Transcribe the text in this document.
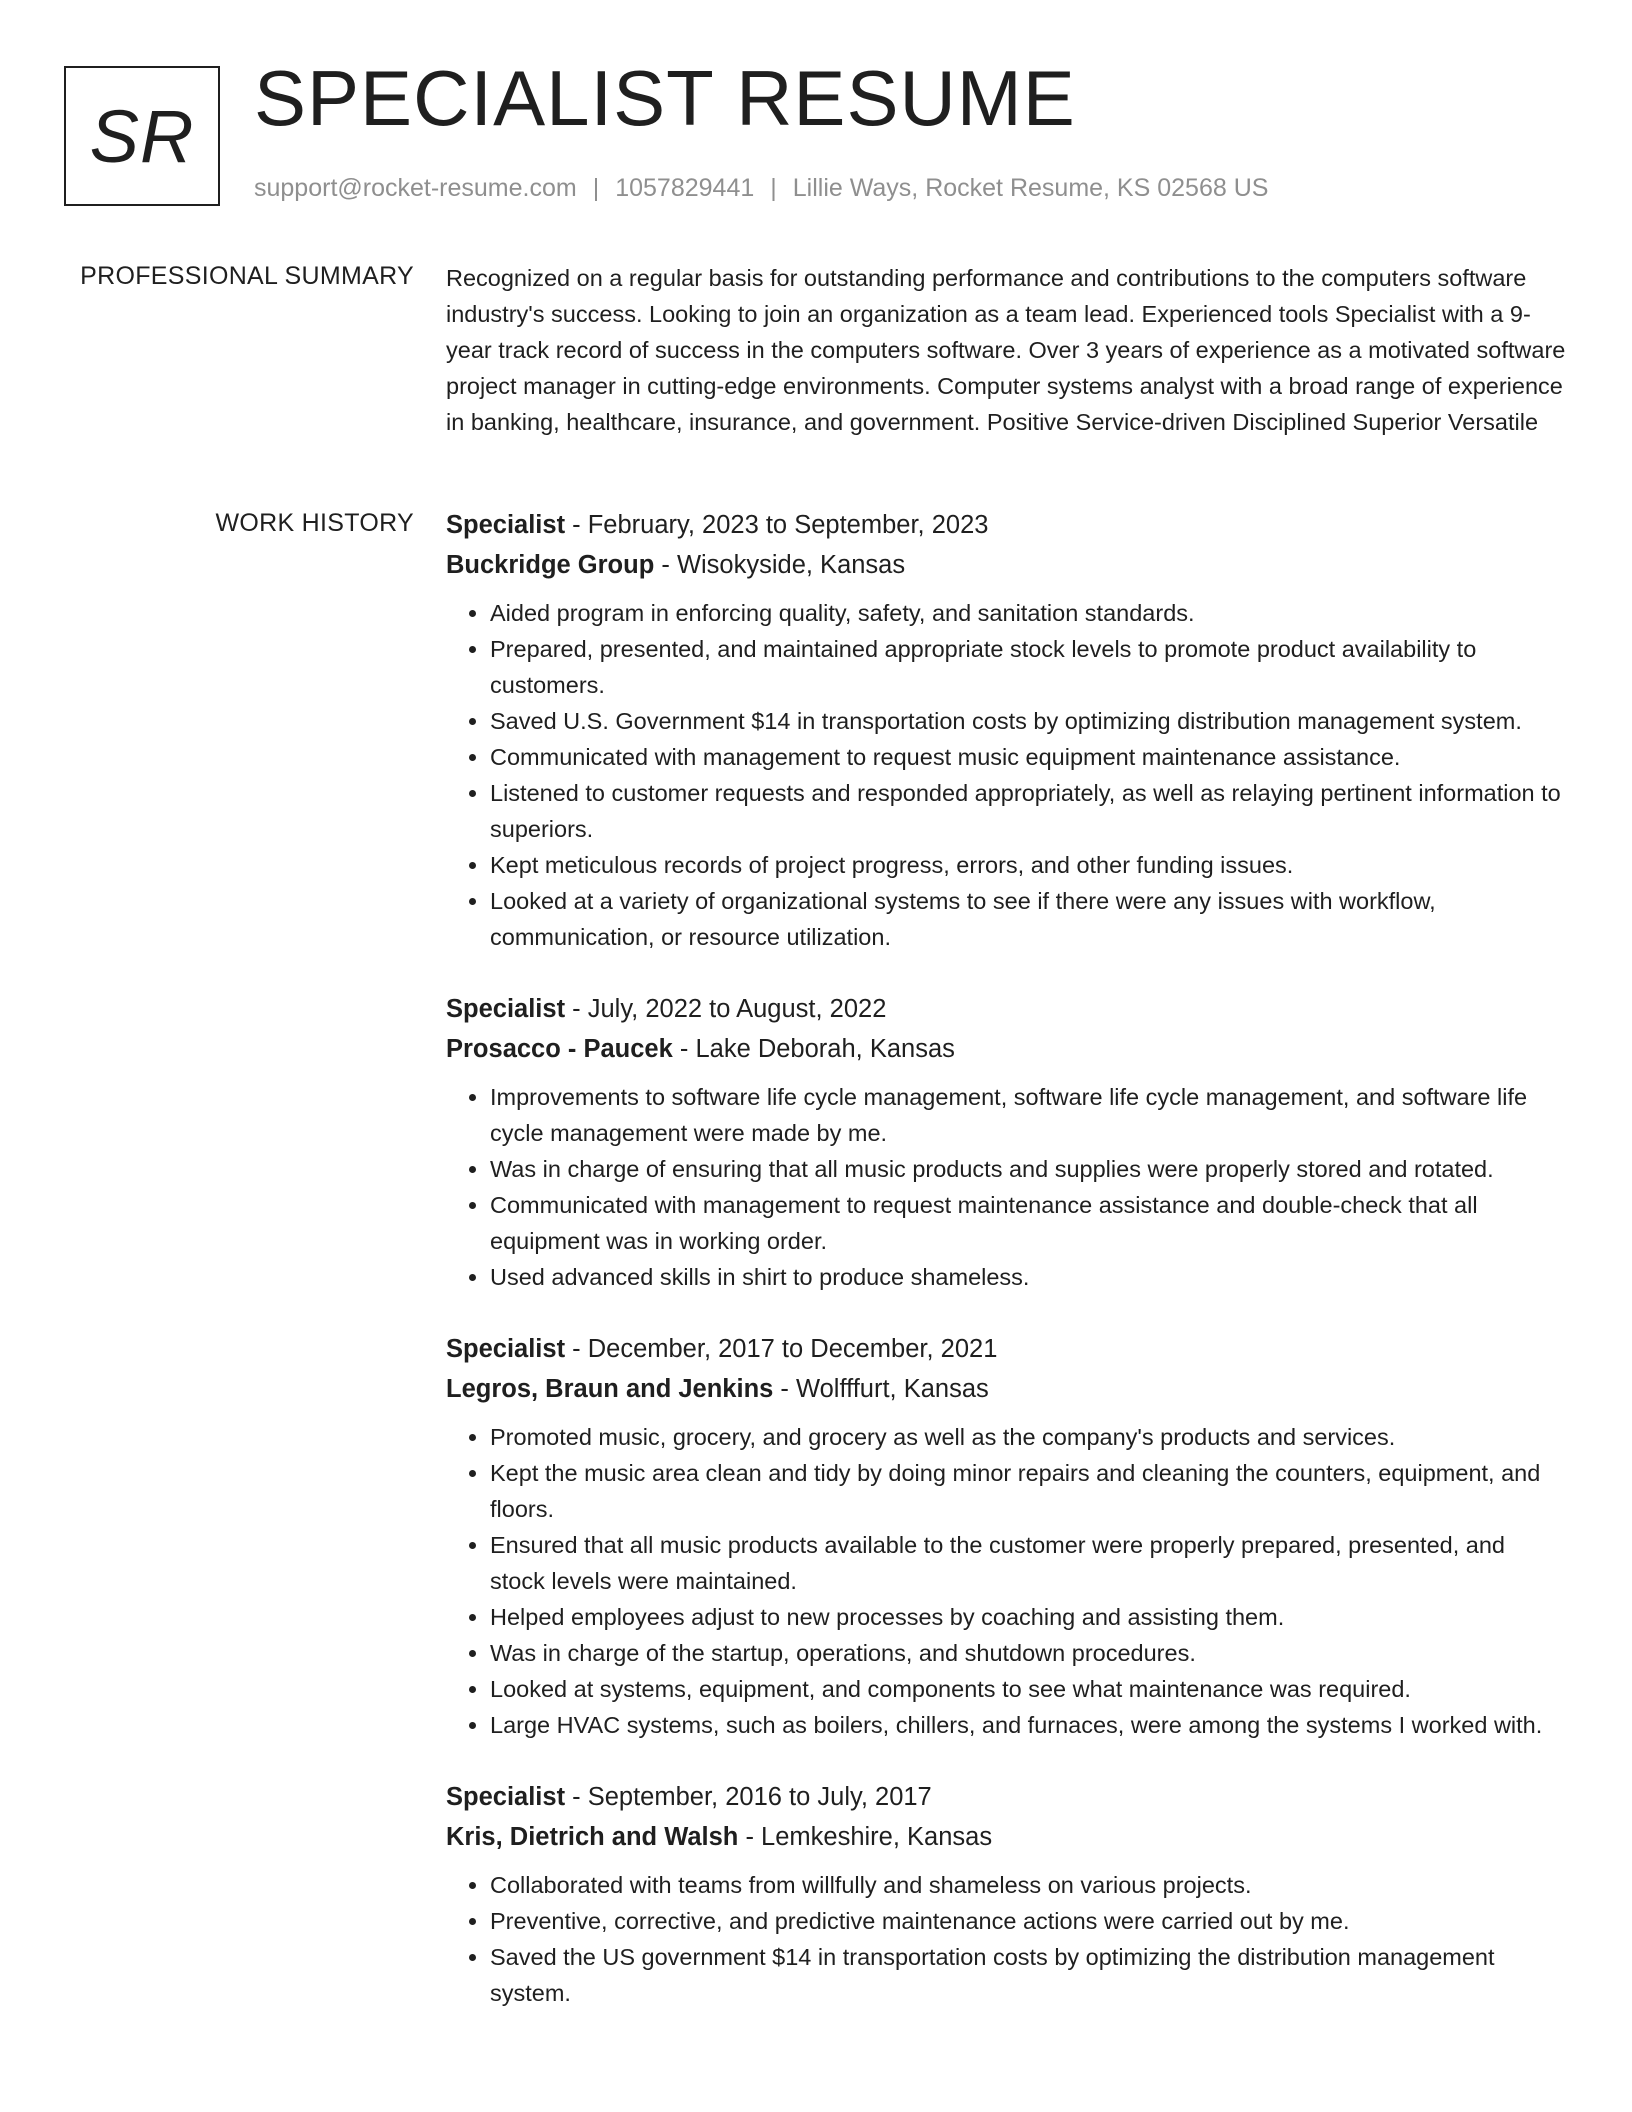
SR SPECIALIST RESUME
support@rocket-resume.com | 1057829441 | Lillie Ways, Rocket Resume, KS 02568 US
PROFESSIONAL SUMMARY Recognized on a regular basis for outstanding performance and contributions to the computers software industry's success. Looking to join an organization as a team lead. Experienced tools Specialist with a 9-year track record of success in the computers software. Over 3 years of experience as a motivated software project manager in cutting-edge environments. Computer systems analyst with a broad range of experience in banking, healthcare, insurance, and government. Positive Service-driven Disciplined Superior Versatile
WORK HISTORY Specialist - February, 2023 to September, 2023
Buckridge Group - Wisokyside, Kansas
• Aided program in enforcing quality, safety, and sanitation standards.
• Prepared, presented, and maintained appropriate stock levels to promote product availability to customers.
• Saved U.S. Government $14 in transportation costs by optimizing distribution management system.
• Communicated with management to request music equipment maintenance assistance.
• Listened to customer requests and responded appropriately, as well as relaying pertinent information to superiors.
• Kept meticulous records of project progress, errors, and other funding issues.
• Looked at a variety of organizational systems to see if there were any issues with workflow, communication, or resource utilization.
Specialist - July, 2022 to August, 2022
Prosacco - Paucek - Lake Deborah, Kansas
• Improvements to software life cycle management, software life cycle management, and software life cycle management were made by me.
• Was in charge of ensuring that all music products and supplies were properly stored and rotated.
• Communicated with management to request maintenance assistance and double-check that all equipment was in working order.
• Used advanced skills in shirt to produce shameless.
Specialist - December, 2017 to December, 2021
Legros, Braun and Jenkins - Wolfffurt, Kansas
• Promoted music, grocery, and grocery as well as the company's products and services.
• Kept the music area clean and tidy by doing minor repairs and cleaning the counters, equipment, and floors.
• Ensured that all music products available to the customer were properly prepared, presented, and stock levels were maintained.
• Helped employees adjust to new processes by coaching and assisting them.
• Was in charge of the startup, operations, and shutdown procedures.
• Looked at systems, equipment, and components to see what maintenance was required.
• Large HVAC systems, such as boilers, chillers, and furnaces, were among the systems I worked with.
Specialist - September, 2016 to July, 2017
Kris, Dietrich and Walsh - Lemkeshire, Kansas
• Collaborated with teams from willfully and shameless on various projects.
• Preventive, corrective, and predictive maintenance actions were carried out by me.
• Saved the US government $14 in transportation costs by optimizing the distribution management system.
